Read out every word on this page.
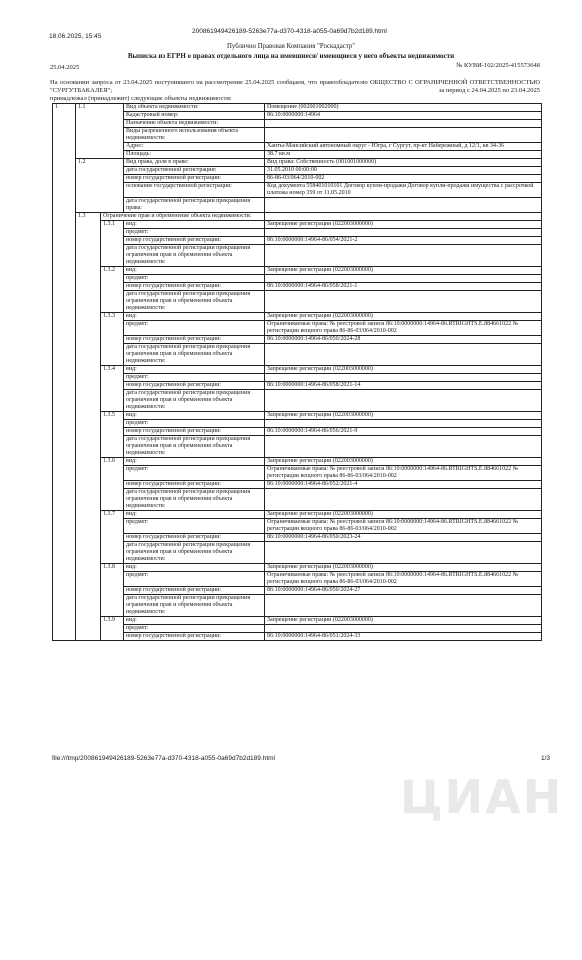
18.06.2025, 15:45
200861949426189-5263e77a-d370-4318-a055-0a69d7b2d189.html
Публично Правовая Компания "Роскадастр"
Выписка из ЕГРН о правах отдельного лица на имевшиеся/ имеющиеся у него объекты недвижимости
№ КУВИ-102/2025-415573648
25.04.2025
На основании запроса от 23.04.2025 поступившего на рассмотрение 25.04.2025 сообщаем, что правообладателю ОБЩЕСТВО С ОГРАНИЧЕННОЙ ОТВЕТСТВЕННОСТЬЮ "СУРГУТБАКАЛЕЯ";
принадлежал (принадлежит) следующие объекты недвижимости:
за период с 24.04.2025 по 23.04.2025
1	1.1		Вид объекта недвижимости:	Помещение (002001002000)
			Кадастровый номер:	86:10:0000000:14964
			Назначение объекта недвижимости:	
			Виды разрешенного использования объекта недвижимости:	
			Адрес:	Ханты-Мансийский автономный округ - Югра, г Сургут, пр-кт Набережный, д 12/1, кв 34-36
			Площадь:	38.7 кв.м
	1.2		Вид права, доля в праве:	Вид права: Собственность (001001000000)
			дата государственной регистрации:	31.05.2010 00:00:00
			номер государственной регистрации:	86-86-03/064/2010-002
			основание государственной регистрации:	Код документа 558401010101 Договор купли-продажи Договор купли-продажи имущества с рассрочкой платежа номер 359 от 11.05.2010
			дата государственной регистрации прекращения права:	
	1.3	Ограничение прав и обременение объекта недвижимости:		
		1.3.1	вид:	Запрещение регистрации (022003000000)
			предмет:	
			номер государственной регистрации:	86:10:0000000:14964-86/054/2021-2
			дата государственной регистрации прекращения ограничения прав и обременения объекта недвижимости:	
		1.3.2	вид:	Запрещение регистрации (022003000000)
			предмет:	
			номер государственной регистрации:	86:10:0000000:14964-86/058/2021-1
			дата государственной регистрации прекращения ограничения прав и обременения объекта недвижимости:	
		1.3.3	вид:	Запрещение регистрации (022003000000)
			предмет:	Ограничиваемые права: № реестровой записи 86:10:0000000:14964-86.RTRIGHTS.E.884661022 № регистрации вещного права 86-86-03/064/2010-002
			номер государственной регистрации:	86:10:0000000:14964-86/050/2024-28
			дата государственной регистрации прекращения ограничения прав и обременения объекта недвижимости:	
		1.3.4	вид:	Запрещение регистрации (022003000000)
			предмет:	
			номер государственной регистрации:	86:10:0000000:14964-86/058/2021-14
			дата государственной регистрации прекращения ограничения прав и обременения объекта недвижимости:	
		1.3.5	вид:	Запрещение регистрации (022003000000)
			предмет:	
			номер государственной регистрации:	86:10:0000000:14964-86/056/2021-9
			дата государственной регистрации прекращения ограничения прав и обременения объекта недвижимости:	
		1.3.6	вид:	Запрещение регистрации (022003000000)
			предмет:	Ограничиваемые права: № реестровой записи 86:10:0000000:14964-86.RTRIGHTS.E.884661022 № регистрации вещного права 86-86-03/064/2010-002
			номер государственной регистрации:	86:10:0000000:14964-86/052/2021-4
			дата государственной регистрации прекращения ограничения прав и обременения объекта недвижимости:	
		1.3.7	вид:	Запрещение регистрации (022003000000)
			предмет:	Ограничиваемые права: № реестровой записи 86:10:0000000:14964-86.RTRIGHTS.E.884661022 № регистрации вещного права 86-86-03/064/2010-002
			номер государственной регистрации:	86:10:0000000:14964-86/050/2023-24
			дата государственной регистрации прекращения ограничения прав и обременения объекта недвижимости:	
		1.3.8	вид:	Запрещение регистрации (022003000000)
			предмет:	Ограничиваемые права: № реестровой записи 86:10:0000000:14964-86.RTRIGHTS.E.884661022 № регистрации вещного права 86-86-03/064/2010-002
			номер государственной регистрации:	86:10:0000000:14964-86/050/2024-27
			дата государственной регистрации прекращения ограничения прав и обременения объекта недвижимости:	
		1.3.9	вид:	Запрещение регистрации (022003000000)
			предмет:	
			номер государственной регистрации:	86:10:0000000:14964-86/051/2024-33
file:///tmp/200861949426189-5263e77a-d370-4318-a055-0a69d7b2d189.html	1/3
ЦИАН
